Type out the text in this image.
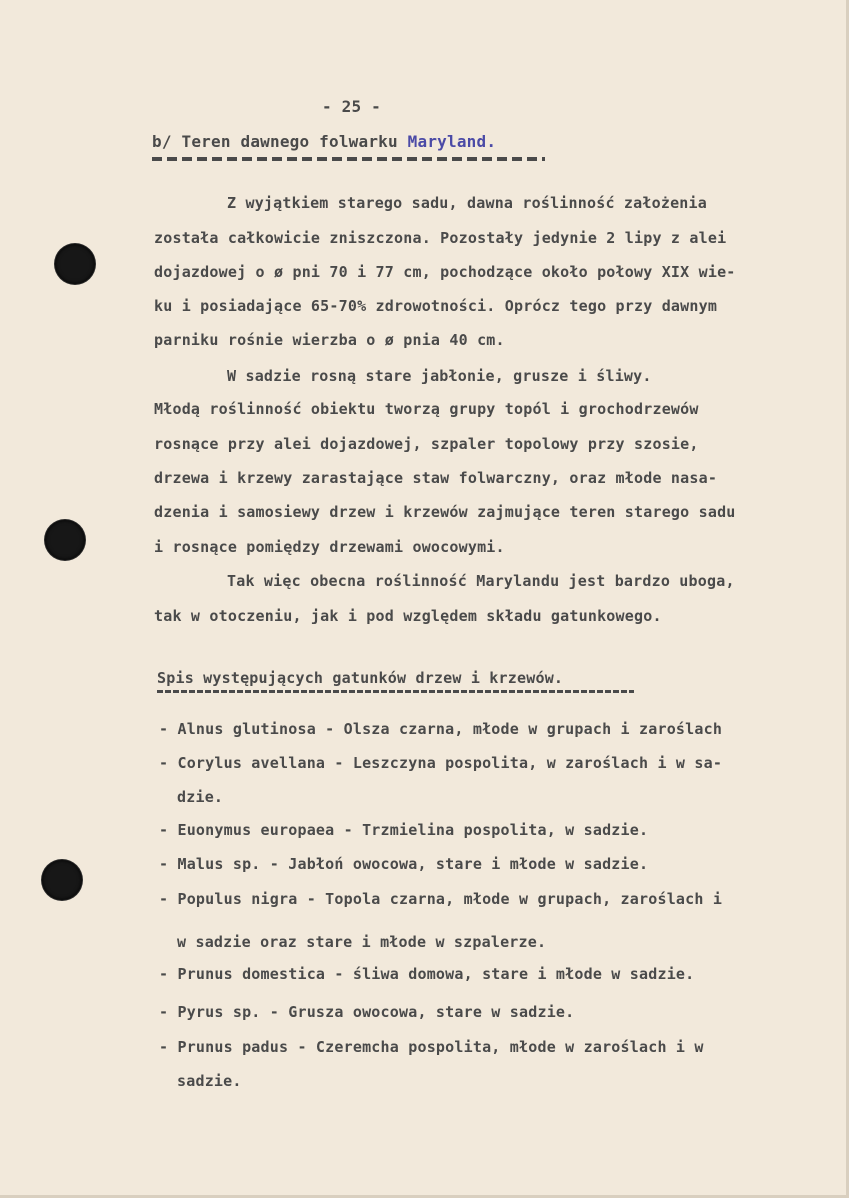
- 25 -
b/ Teren dawnego folwarku Maryland.
Z wyjątkiem starego sadu, dawna roślinność założenia
została całkowicie zniszczona. Pozostały jedynie 2 lipy z alei
dojazdowej o ø pni 70 i 77 cm, pochodzące około połowy XIX wie-
ku i posiadające 65-70% zdrowotności. Oprócz tego przy dawnym
parniku rośnie wierzba o ø pnia 40 cm.
W sadzie rosną stare jabłonie, grusze i śliwy.
Młodą roślinność obiektu tworzą grupy topól i grochodrzewów
rosnące przy alei dojazdowej, szpaler topolowy przy szosie,
drzewa i krzewy zarastające staw folwarczny, oraz młode nasa-
dzenia i samosiewy drzew i krzewów zajmujące teren starego sadu
i rosnące pomiędzy drzewami owocowymi.
Tak więc obecna roślinność Marylandu jest bardzo uboga,
tak w otoczeniu, jak i pod względem składu gatunkowego.
Spis występujących gatunków drzew i krzewów.
- Alnus glutinosa - Olsza czarna, młode w grupach i zaroślach
- Corylus avellana - Leszczyna pospolita, w zaroślach i w sa-
dzie.
- Euonymus europaea - Trzmielina pospolita, w sadzie.
- Malus sp. - Jabłoń owocowa, stare i młode w sadzie.
- Populus nigra - Topola czarna, młode w grupach, zaroślach i
w sadzie oraz stare i młode w szpalerze.
- Prunus domestica - śliwa domowa, stare i młode w sadzie.
- Pyrus sp. - Grusza owocowa, stare w sadzie.
- Prunus padus - Czeremcha pospolita, młode w zaroślach i w
sadzie.
